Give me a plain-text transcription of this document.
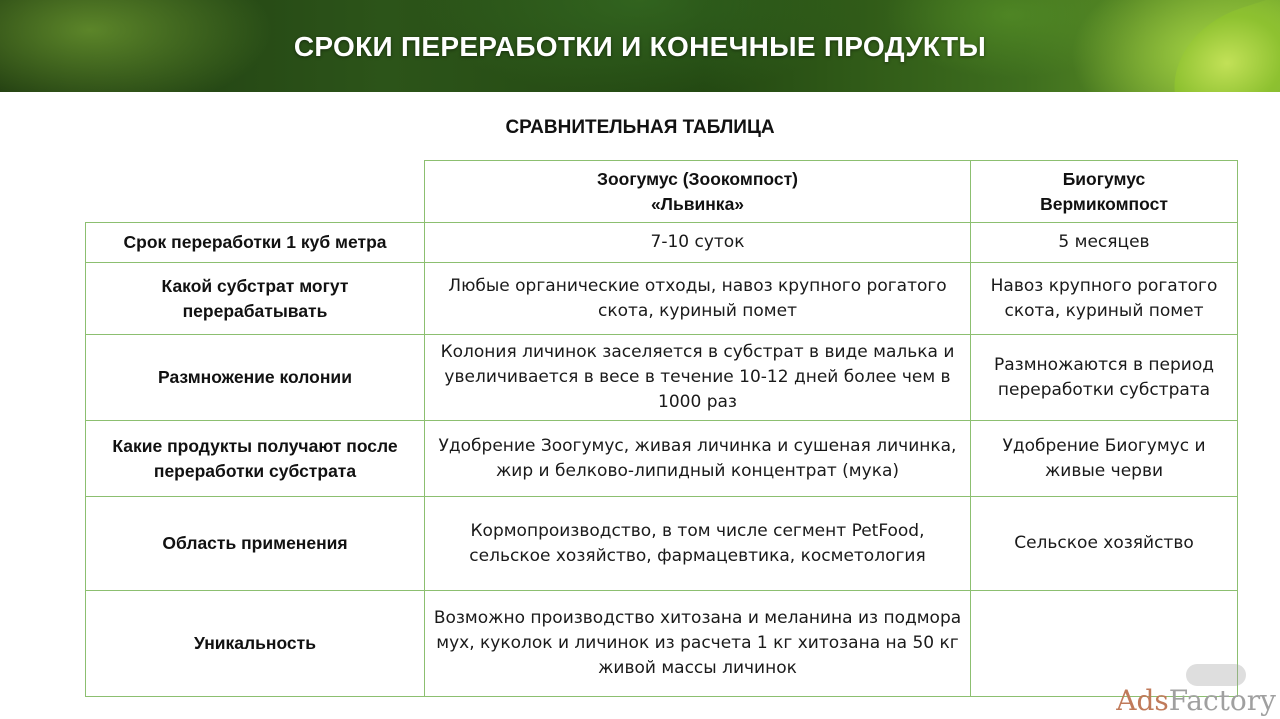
СРОКИ ПЕРЕРАБОТКИ И КОНЕЧНЫЕ ПРОДУКТЫ
СРАВНИТЕЛЬНАЯ ТАБЛИЦА
	Зоогумус (Зоокомпост)
«Львинка»	Биогумус
Вермикомпост
Срок переработки 1 куб метра	7-10 суток	5 месяцев
Какой субстрат могут перерабатывать	Любые органические отходы, навоз крупного рогатого скота, куриный помет	Навоз крупного рогатого скота, куриный помет
Размножение колонии	Колония личинок заселяется в субстрат в виде малька и увеличивается в весе в течение 10-12 дней более чем в 1000 раз	Размножаются в период переработки субстрата
Какие продукты получают после переработки субстрата	Удобрение Зоогумус, живая личинка и сушеная личинка, жир и белково-липидный концентрат (мука)	Удобрение Биогумус и живые черви
Область применения	Кормопроизводство, в том числе сегмент PetFood, сельское хозяйство, фармацевтика, косметология	Сельское хозяйство
Уникальность	Возможно производство хитозана и меланина из подмора мух, куколок и личинок из расчета 1 кг хитозана на 50 кг живой массы личинок	
AdsFactory
